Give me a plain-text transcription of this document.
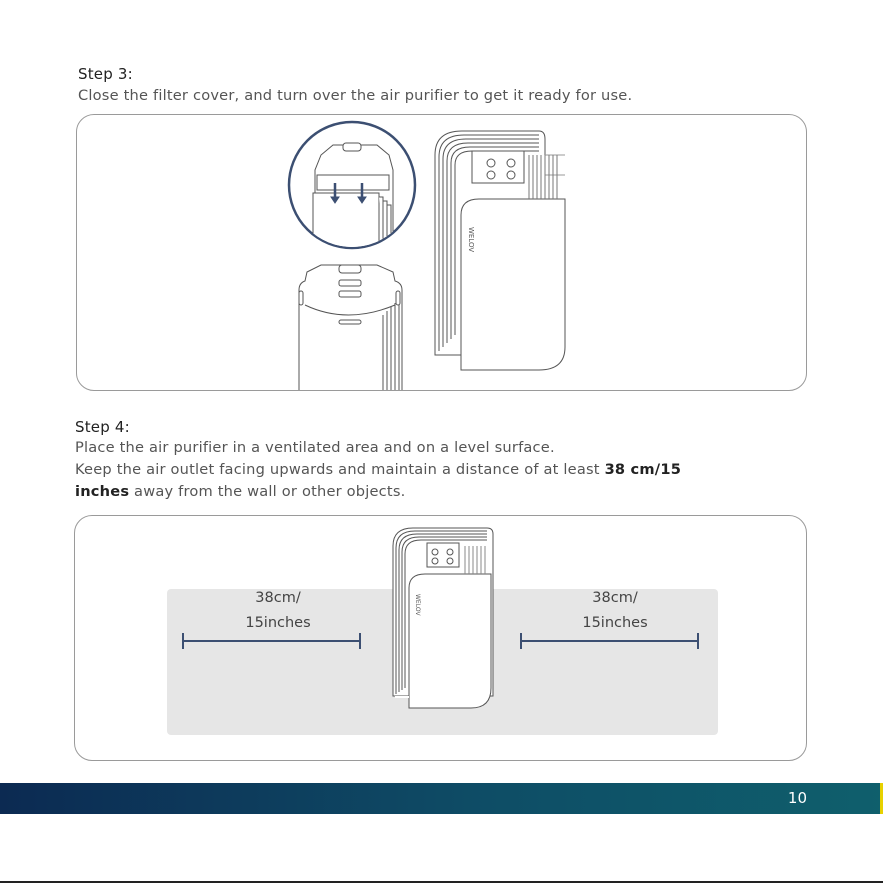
Step 3:
Close the filter cover, and turn over the air purifier to get it ready for use.
WELOV
Step 4:
Place the air purifier in a ventilated area and on a level surface.
Keep the air outlet facing upwards and maintain a distance of at least 38 cm/15
inches away from the wall or other objects.
WELOV
38cm/
15inches
38cm/
15inches
10
